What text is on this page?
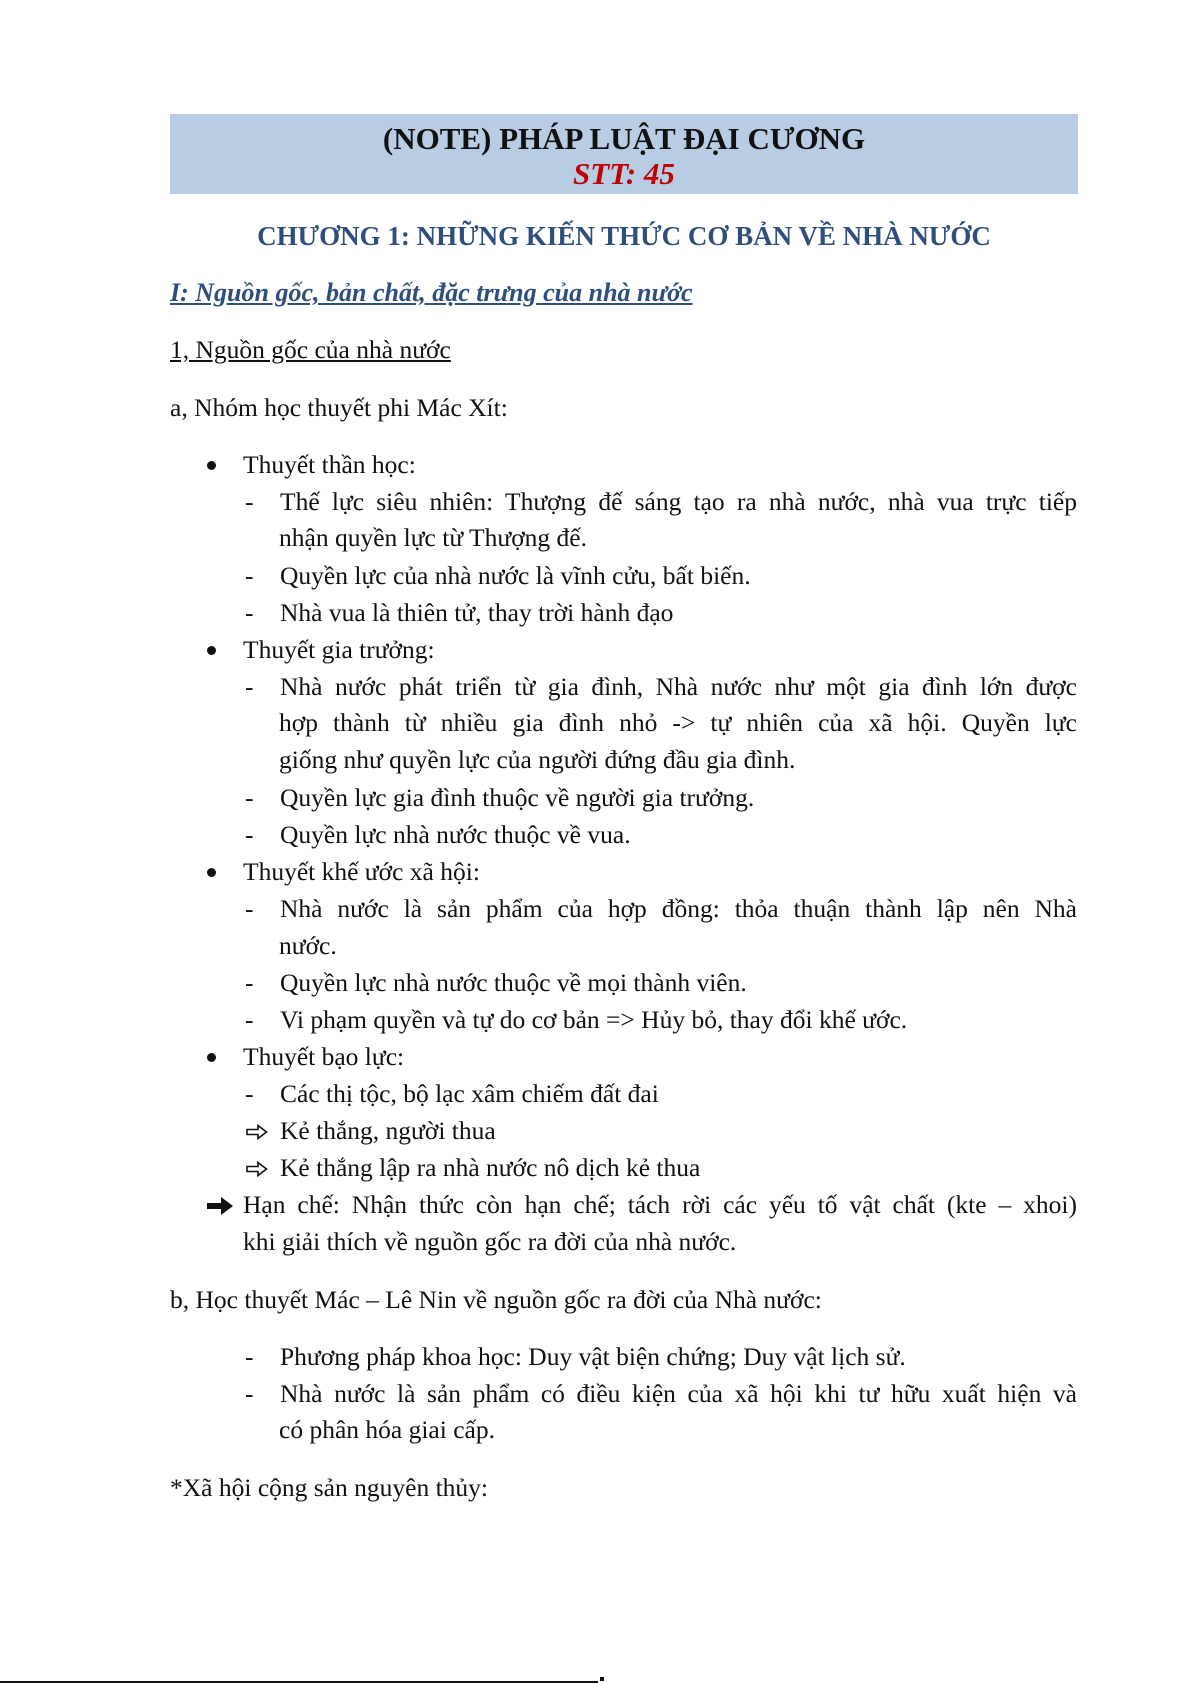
(NOTE) PHÁP LUẬT ĐẠI CƯƠNG
STT: 45
CHƯƠNG 1: NHỮNG KIẾN THỨC CƠ BẢN VỀ NHÀ NƯỚC
I: Nguồn gốc, bản chất, đặc trưng của nhà nước
1, Nguồn gốc của nhà nước
a, Nhóm học thuyết phi Mác Xít:
Thuyết thần học:
- Thế lực siêu nhiên: Thượng đế sáng tạo ra nhà nước, nhà vua trực tiếp
nhận quyền lực từ Thượng đế.
- Quyền lực của nhà nước là vĩnh cửu, bất biến.
- Nhà vua là thiên tử, thay trời hành đạo
Thuyết gia trưởng:
- Nhà nước phát triển từ gia đình, Nhà nước như một gia đình lớn được
hợp thành từ nhiều gia đình nhỏ -> tự nhiên của xã hội. Quyền lực
giống như quyền lực của người đứng đầu gia đình.
- Quyền lực gia đình thuộc về người gia trưởng.
- Quyền lực nhà nước thuộc về vua.
Thuyết khế ước xã hội:
- Nhà nước là sản phẩm của hợp đồng: thỏa thuận thành lập nên Nhà
nước.
- Quyền lực nhà nước thuộc về mọi thành viên.
- Vi phạm quyền và tự do cơ bản => Hủy bỏ, thay đổi khế ước.
Thuyết bạo lực:
- Các thị tộc, bộ lạc xâm chiếm đất đai
Kẻ thắng, người thua
Kẻ thắng lập ra nhà nước nô dịch kẻ thua
Hạn chế: Nhận thức còn hạn chế; tách rời các yếu tố vật chất (kte – xhoi)
khi giải thích về nguồn gốc ra đời của nhà nước.
b, Học thuyết Mác – Lê Nin về nguồn gốc ra đời của Nhà nước:
- Phương pháp khoa học: Duy vật biện chứng; Duy vật lịch sử.
- Nhà nước là sản phẩm có điều kiện của xã hội khi tư hữu xuất hiện và
có phân hóa giai cấp.
*Xã hội cộng sản nguyên thủy:
